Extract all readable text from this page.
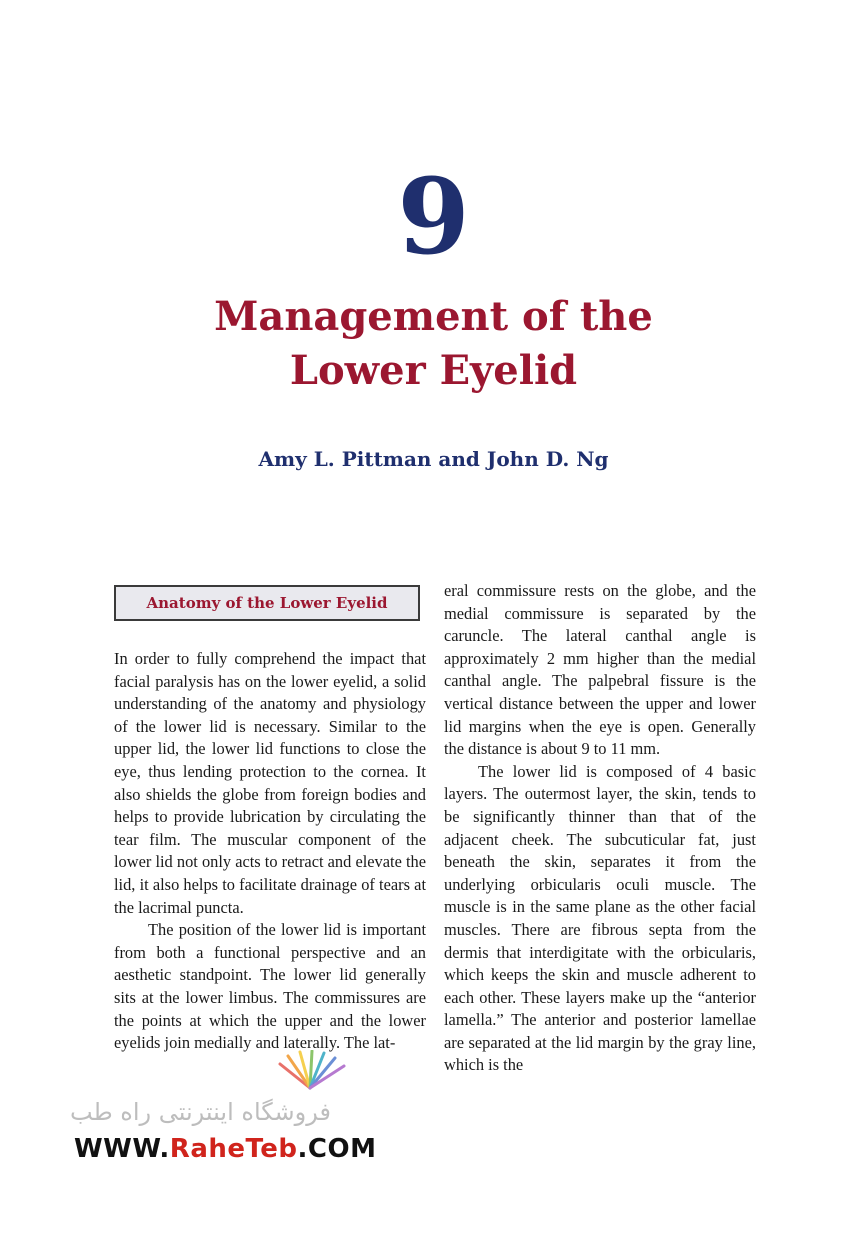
9
Management of the
Lower Eyelid
Amy L. Pittman and John D. Ng
Anatomy of the Lower Eyelid

In order to fully comprehend the impact that facial paralysis has on the lower eyelid, a solid understanding of the anatomy and physiology of the lower lid is necessary. Similar to the upper lid, the lower lid functions to close the eye, thus lending protection to the cornea. It also shields the globe from foreign bodies and helps to provide lubrication by circulating the tear film. The muscular component of the lower lid not only acts to retract and elevate the lid, it also helps to facilitate drainage of tears at the lacrimal puncta.

The position of the lower lid is important from both a functional perspective and an aesthetic standpoint. The lower lid generally sits at the lower limbus. The commissures are the points at which the upper and the lower eyelids join medially and laterally. The lat-

eral commissure rests on the globe, and the medial commissure is separated by the caruncle. The lateral canthal angle is approximately 2 mm higher than the medial canthal angle. The palpebral fissure is the vertical distance between the upper and lower lid margins when the eye is open. Generally the distance is about 9 to 11 mm.

The lower lid is composed of 4 basic layers. The outermost layer, the skin, tends to be significantly thinner than that of the adjacent cheek. The subcuticular fat, just beneath the skin, separates it from the underlying orbicularis oculi muscle. The muscle is in the same plane as the other facial muscles. There are fibrous septa from the dermis that interdigitate with the orbicularis, which keeps the skin and muscle adherent to each other. These layers make up the “anterior lamella.” The anterior and posterior lamellae are separated at the lid margin by the gray line, which is the

فروشگاه اینترنتی راه طب
WWW.RaheTeb.COM
